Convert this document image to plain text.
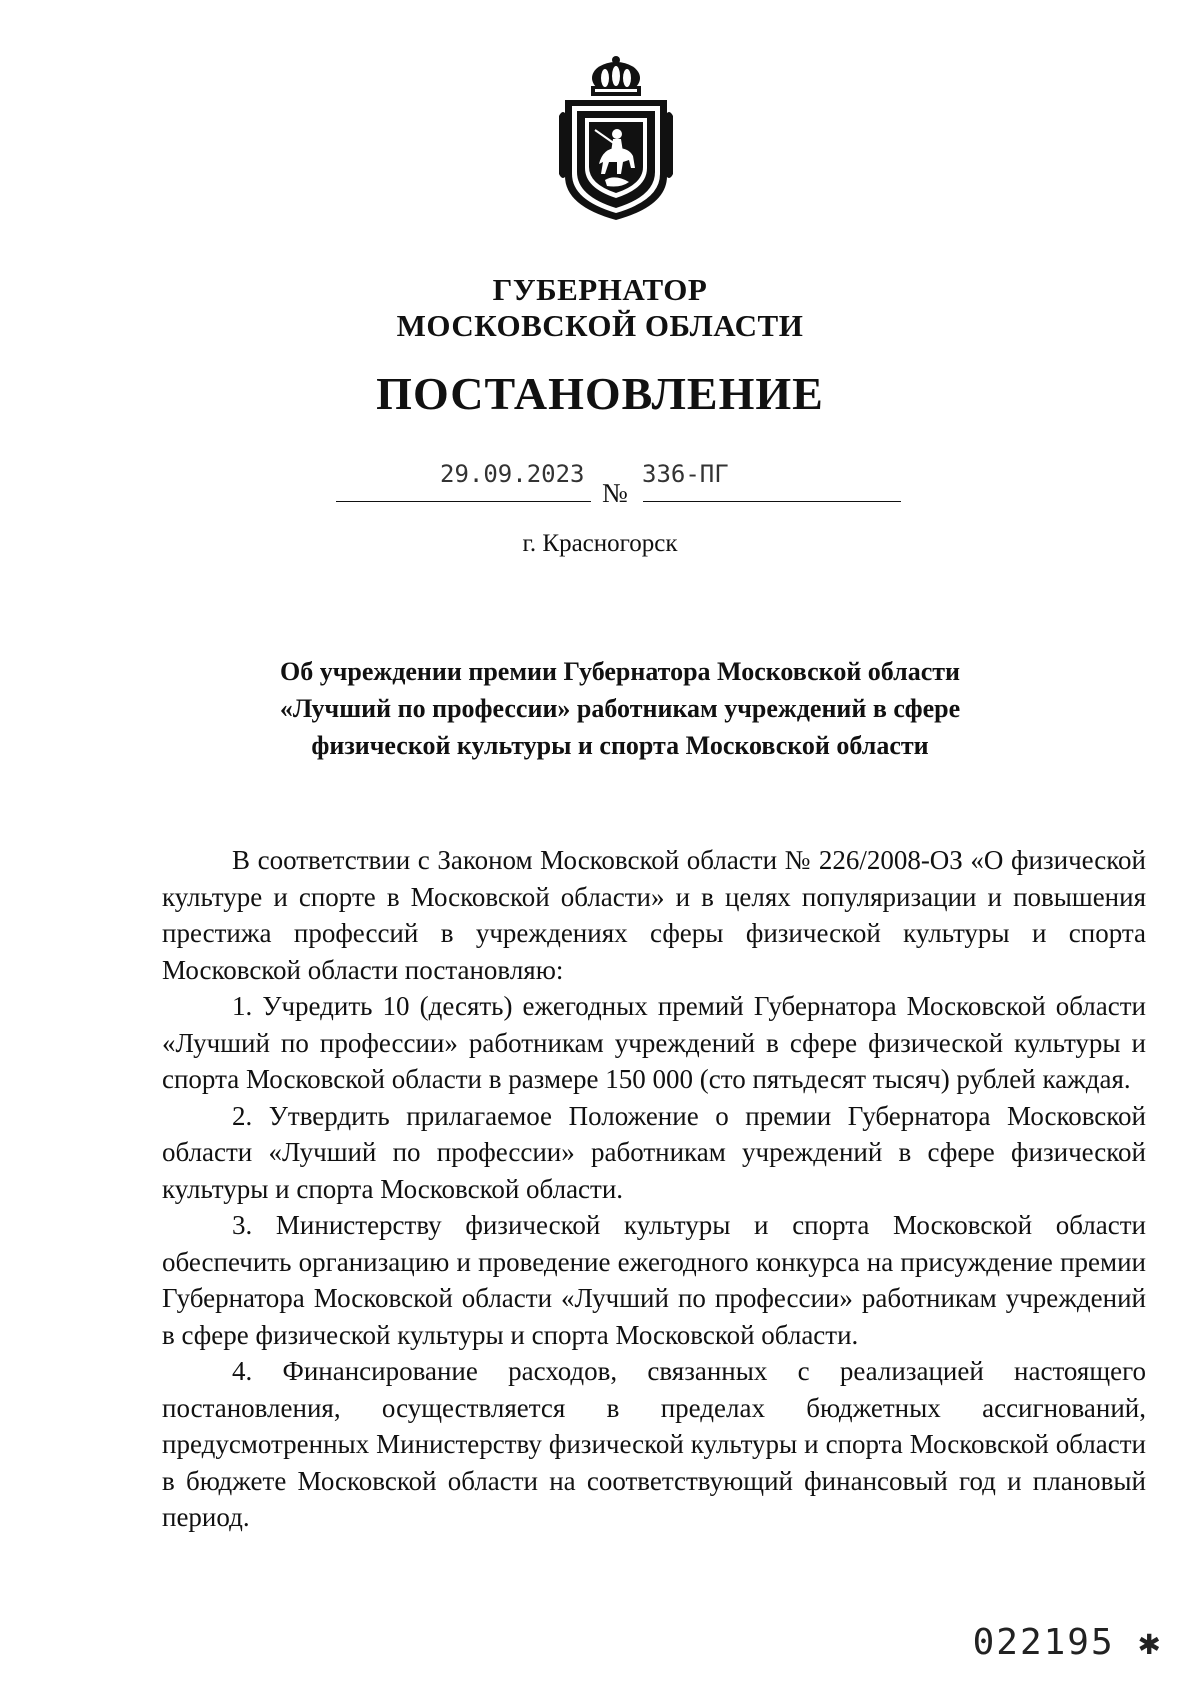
ГУБЕРНАТОР
МОСКОВСКОЙ ОБЛАСТИ
ПОСТАНОВЛЕНИЕ
29.09.2023
№
336-ПГ
г. Красногорск
Об учреждении премии Губернатора Московской области
«Лучший по профессии» работникам учреждений в сфере
физической культуры и спорта Московской области

В соответствии с Законом Московской области № 226/2008-ОЗ «О физической культуре и спорте в Московской области» и в целях популяризации и повышения престижа профессий в учреждениях сферы физической культуры и спорта Московской области постановляю:

1. Учредить 10 (десять) ежегодных премий Губернатора Московской области «Лучший по профессии» работникам учреждений в сфере физической культуры и спорта Московской области в размере 150 000 (сто пятьдесят тысяч) рублей каждая.

2. Утвердить прилагаемое Положение о премии Губернатора Московской области «Лучший по профессии» работникам учреждений в сфере физической культуры и спорта Московской области.

3. Министерству физической культуры и спорта Московской области обеспечить организацию и проведение ежегодного конкурса на присуждение премии Губернатора Московской области «Лучший по профессии» работникам учреждений в сфере физической культуры и спорта Московской области.

4. Финансирование расходов, связанных с реализацией настоящего постановления, осуществляется в пределах бюджетных ассигнований, предусмотренных Министерству физической культуры и спорта Московской области в бюджете Московской области на соответствующий финансовый год и плановый период.

022195 ✱
